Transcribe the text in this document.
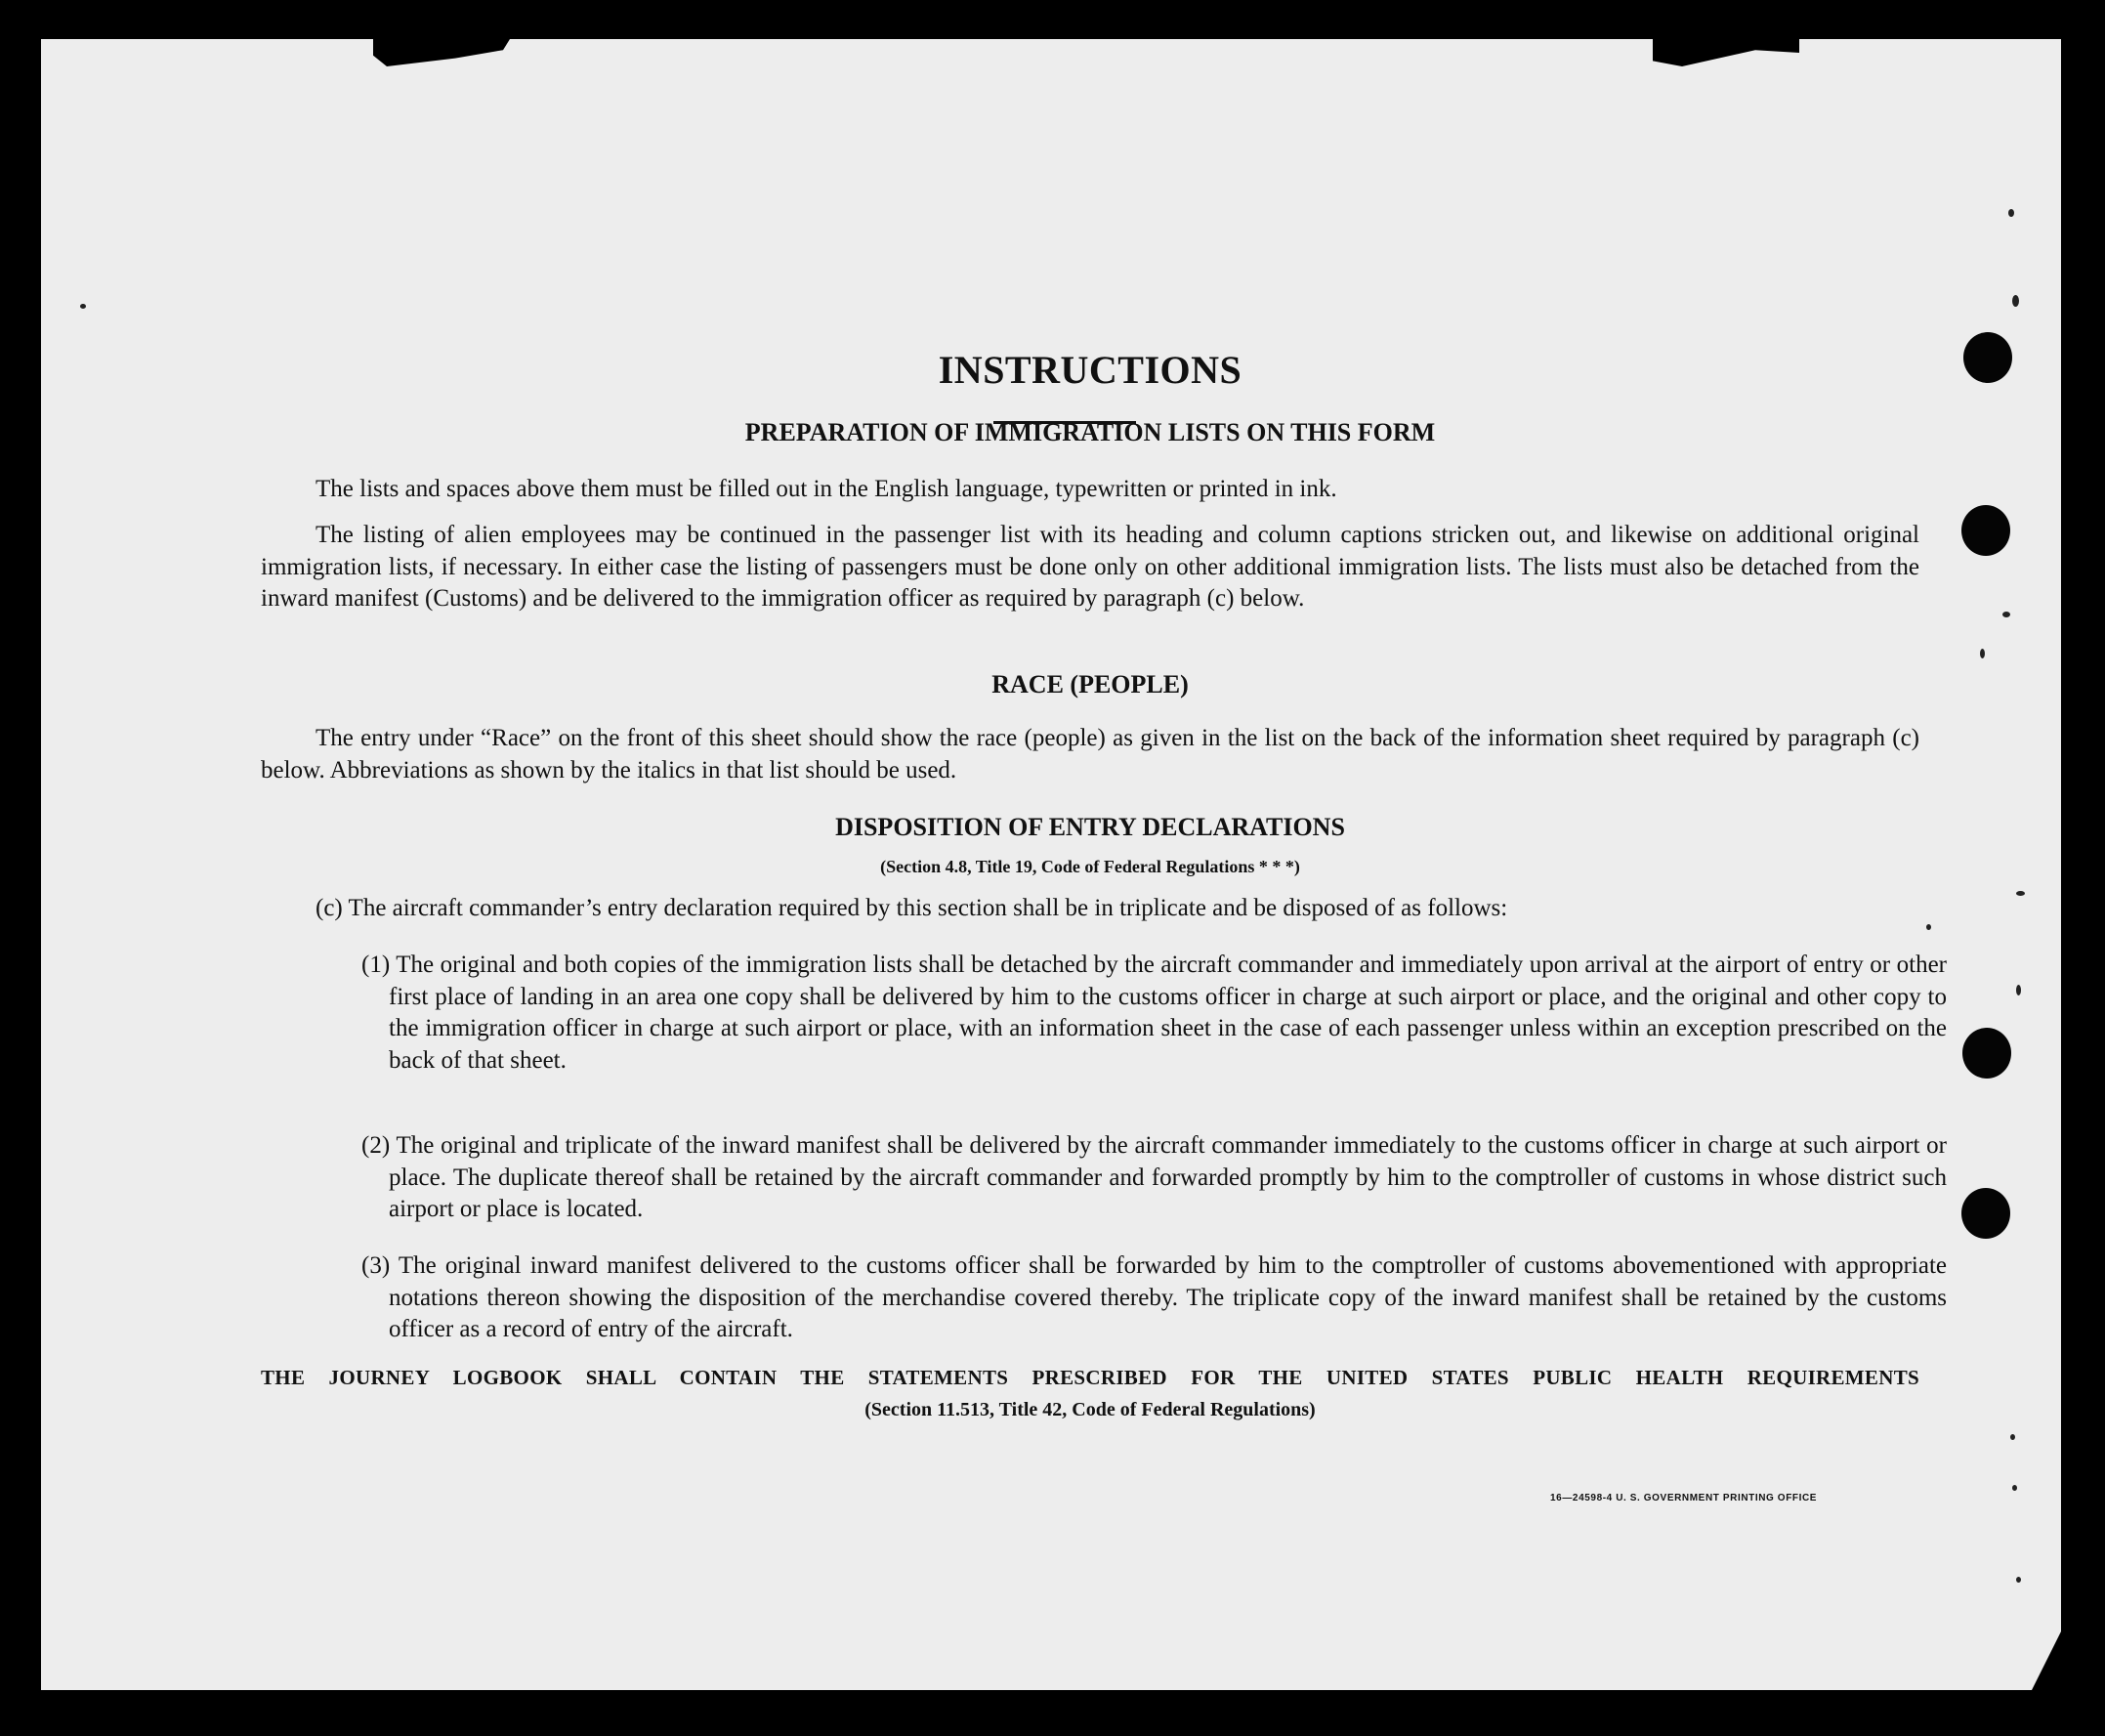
INSTRUCTIONS
PREPARATION OF IMMIGRATION LISTS ON THIS FORM

The lists and spaces above them must be filled out in the English language, typewritten or printed in ink.

The listing of alien employees may be continued in the passenger list with its heading and column captions stricken out, and likewise on additional original immigration lists, if necessary. In either case the listing of passengers must be done only on other additional immigration lists. The lists must also be detached from the inward manifest (Customs) and be delivered to the immigration officer as required by paragraph (c) below.

RACE (PEOPLE)

The entry under “Race” on the front of this sheet should show the race (people) as given in the list on the back of the information sheet required by paragraph (c) below. Abbreviations as shown by the italics in that list should be used.

DISPOSITION OF ENTRY DECLARATIONS
(Section 4.8, Title 19, Code of Federal Regulations * * *)

(c) The aircraft commander’s entry declaration required by this section shall be in triplicate and be disposed of as follows:

(1) The original and both copies of the immigration lists shall be detached by the aircraft commander and immediately upon arrival at the airport of entry or other first place of landing in an area one copy shall be delivered by him to the customs officer in charge at such airport or place, and the original and other copy to the immigration officer in charge at such airport or place, with an information sheet in the case of each passenger unless within an exception prescribed on the back of that sheet.

(2) The original and triplicate of the inward manifest shall be delivered by the aircraft commander immediately to the customs officer in charge at such airport or place. The duplicate thereof shall be retained by the aircraft commander and forwarded promptly by him to the comptroller of customs in whose district such airport or place is located.

(3) The original inward manifest delivered to the customs officer shall be forwarded by him to the comptroller of customs abovementioned with appropriate notations thereon showing the disposition of the merchandise covered thereby. The triplicate copy of the inward manifest shall be retained by the customs officer as a record of entry of the aircraft.

THE JOURNEY LOGBOOK SHALL CONTAIN THE STATEMENTS PRESCRIBED FOR THE UNITED STATES PUBLIC HEALTH REQUIREMENTS
(Section 11.513, Title 42, Code of Federal Regulations)
16—24598-4 U. S. GOVERNMENT PRINTING OFFICE
